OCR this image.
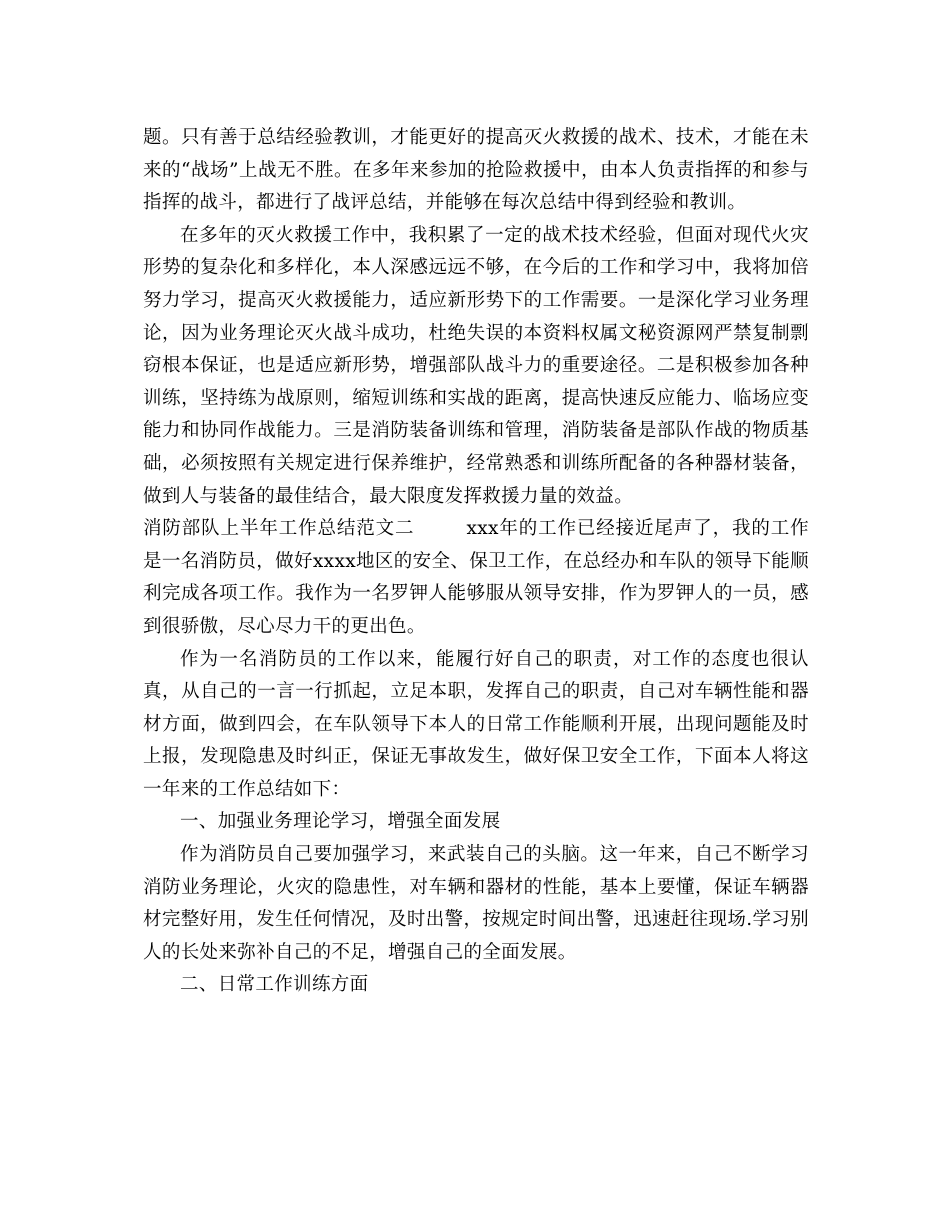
题。只有善于总结经验教训，才能更好的提高灭火救援的战术、技术，才能在未来的“战场”上战无不胜。在多年来参加的抢险救援中，由本人负责指挥的和参与指挥的战斗，都进行了战评总结，并能够在每次总结中得到经验和教训。

在多年的灭火救援工作中，我积累了一定的战术技术经验，但面对现代火灾形势的复杂化和多样化，本人深感远远不够，在今后的工作和学习中，我将加倍努力学习，提高灭火救援能力，适应新形势下的工作需要。一是深化学习业务理论，因为业务理论灭火战斗成功，杜绝失误的本资料权属文秘资源网严禁复制剽窃根本保证，也是适应新形势，增强部队战斗力的重要途径。二是积极参加各种训练，坚持练为战原则，缩短训练和实战的距离，提高快速反应能力、临场应变能力和协同作战能力。三是消防装备训练和管理，消防装备是部队作战的物质基础，必须按照有关规定进行保养维护，经常熟悉和训练所配备的各种器材装备，做到人与装备的最佳结合，最大限度发挥救援力量的效益。

消防部队上半年工作总结范文二	xxx年的工作已经接近尾声了，我的工作是一名消防员，做好xxxx地区的安全、保卫工作，在总经办和车队的领导下能顺利完成各项工作。我作为一名罗钾人能够服从领导安排，作为罗钾人的一员，感到很骄傲，尽心尽力干的更出色。

作为一名消防员的工作以来，能履行好自己的职责，对工作的态度也很认真，从自己的一言一行抓起，立足本职，发挥自己的职责，自己对车辆性能和器材方面，做到四会，在车队领导下本人的日常工作能顺利开展，出现问题能及时上报，发现隐患及时纠正，保证无事故发生，做好保卫安全工作，下面本人将这一年来的工作总结如下：

一、加强业务理论学习，增强全面发展

作为消防员自己要加强学习，来武装自己的头脑。这一年来，自己不断学习消防业务理论，火灾的隐患性，对车辆和器材的性能，基本上要懂，保证车辆器材完整好用，发生任何情况，及时出警，按规定时间出警，迅速赶往现场.学习别人的长处来弥补自己的不足，增强自己的全面发展。

二、日常工作训练方面
